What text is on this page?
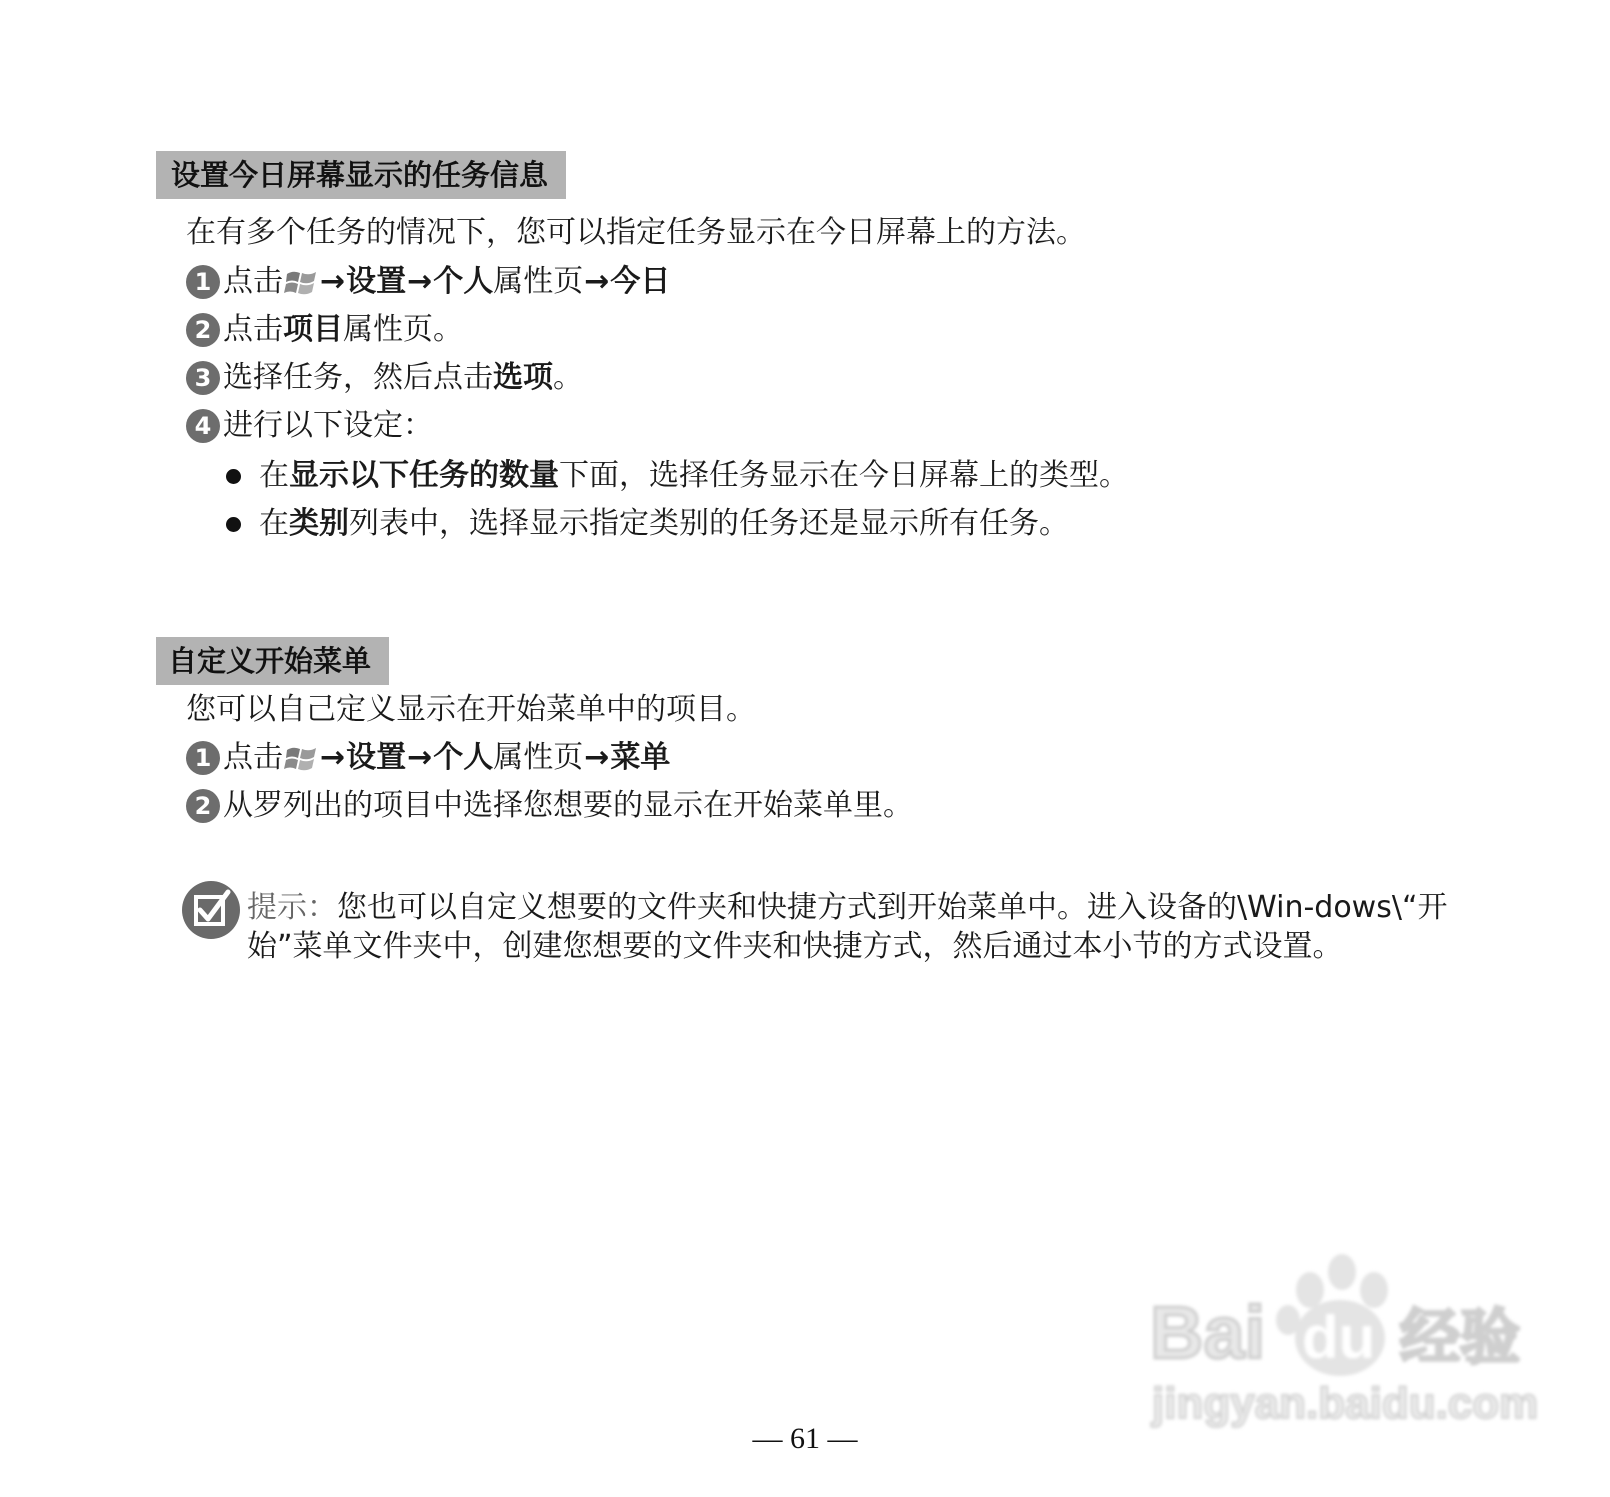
设置今日屏幕显示的任务信息
在有多个任务的情况下，您可以指定任务显示在今日屏幕上的方法。
1 点击 → 设置 → 个人 属性页 → 今日
2 点击 项目 属性页。
3 选择任务，然后点击 选项 。
4 进行以下设定：
在 显示以下任务的数量 下面，选择任务显示在今日屏幕上的类型。
在 类别 列表中，选择显示指定类别的任务还是显示所有任务。
自定义开始菜单
您可以自己定义显示在开始菜单中的项目。
1 点击 → 设置 → 个人 属性页 → 菜单
2 从罗列出的项目中选择您想要的显示在开始菜单里。
提示：您也可以自定义想要的文件夹和快捷方式到开始菜单中。进入设备的\Win-dows\“开始”菜单文件夹中，创建您想要的文件夹和快捷方式，然后通过本小节的方式设置。
Bai du 经验
jingyan.baidu.com
— 61 —
